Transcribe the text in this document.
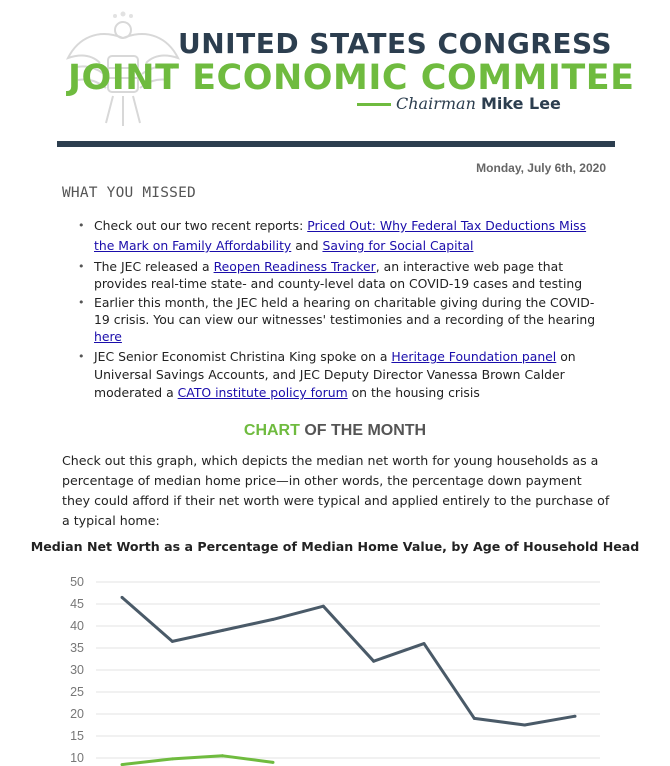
UNITED STATES CONGRESS
JOINT ECONOMIC COMMITEE
Chairman Mike Lee
Monday, July 6th, 2020
WHAT YOU MISSED
• Check out our two recent reports: Priced Out: Why Federal Tax Deductions Miss the Mark on Family Affordability and Saving for Social Capital
• The JEC released a Reopen Readiness Tracker, an interactive web page that provides real-time state- and county-level data on COVID-19 cases and testing
• Earlier this month, the JEC held a hearing on charitable giving during the COVID-19 crisis. You can view our witnesses' testimonies and a recording of the hearing here
• JEC Senior Economist Christina King spoke on a Heritage Foundation panel on Universal Savings Accounts, and JEC Deputy Director Vanessa Brown Calder moderated a CATO institute policy forum on the housing crisis
CHART OF THE MONTH
Check out this graph, which depicts the median net worth for young households as a percentage of median home price—in other words, the percentage down payment they could afford if their net worth were typical and applied entirely to the purchase of a typical home:
Median Net Worth as a Percentage of Median Home Value, by Age of Household Head
50
45
40
35
30
25
20
15
10
